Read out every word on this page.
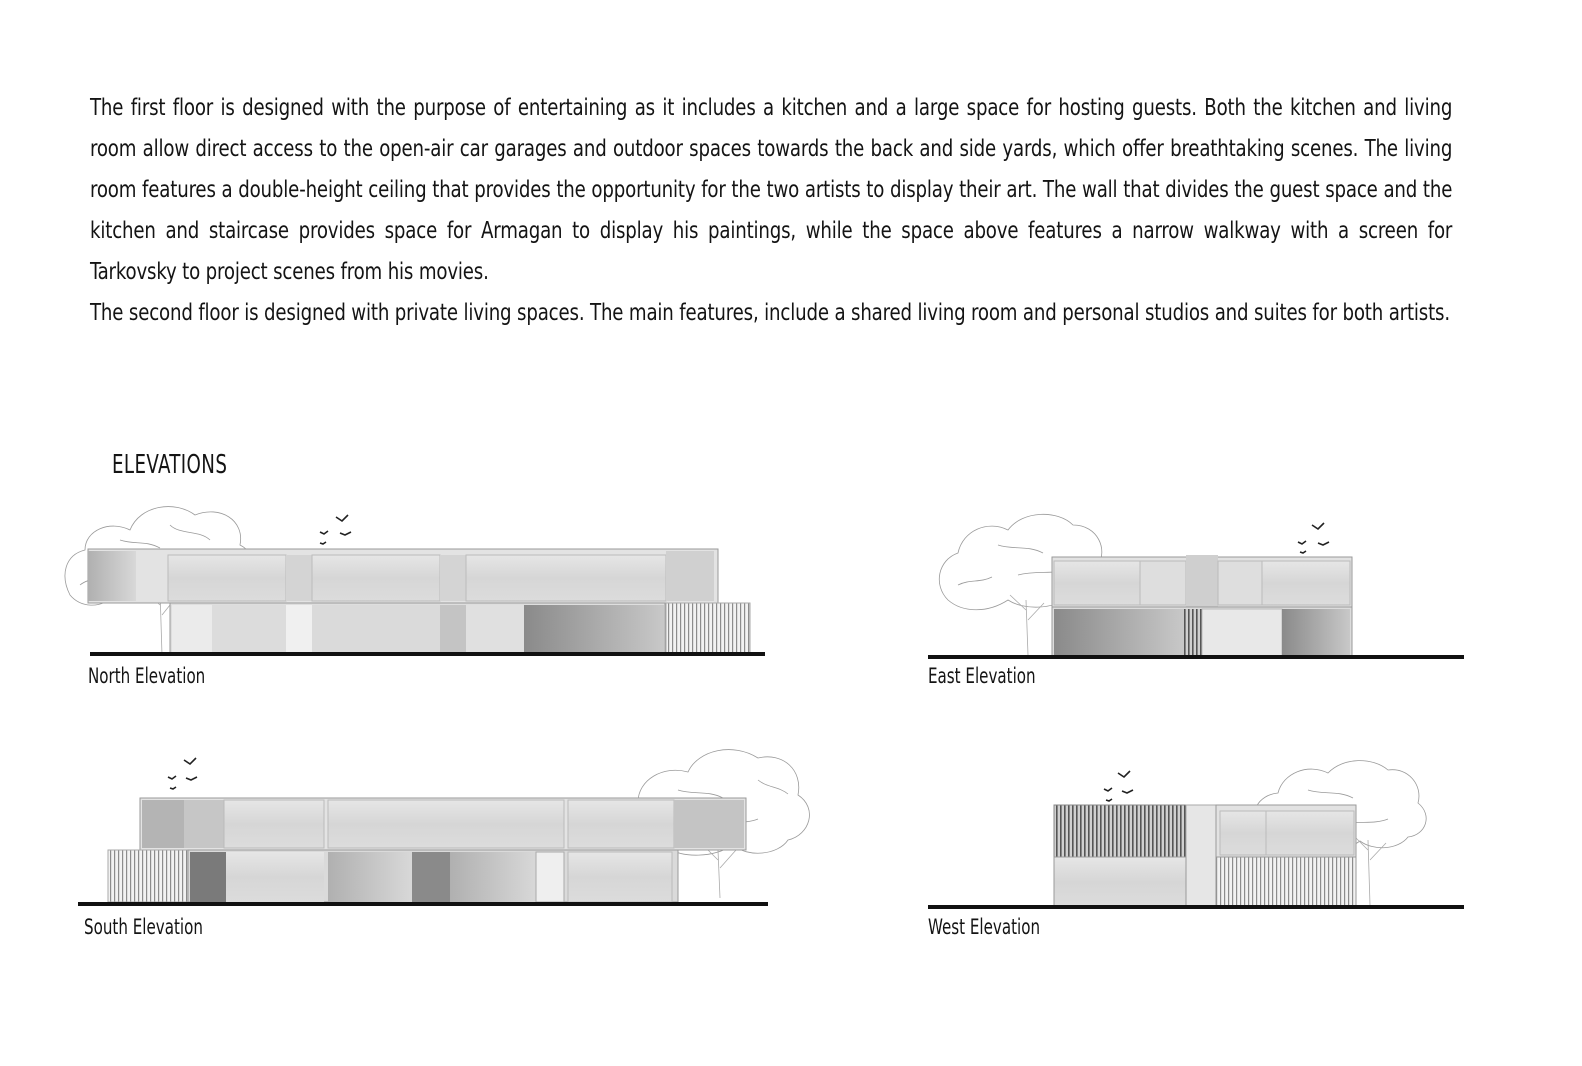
The first floor is designed with the purpose of entertaining as it includes a kitchen and a large space for hosting guests. Both the kitchen and living room allow direct access to the open-air car garages and outdoor spaces towards the back and side yards, which offer breathtaking scenes. The living room features a double-height ceiling that provides the opportunity for the two artists to display their art. The wall that divides the guest space and the kitchen and staircase provides space for Armagan to display his paintings, while the space above features a narrow walkway with a screen for Tarkovsky to project scenes from his movies.
The second floor is designed with private living spaces. The main features, include a shared living room and personal studios and suites for both artists.
ELEVATIONS
North Elevation	East Elevation
South Elevation	West Elevation
